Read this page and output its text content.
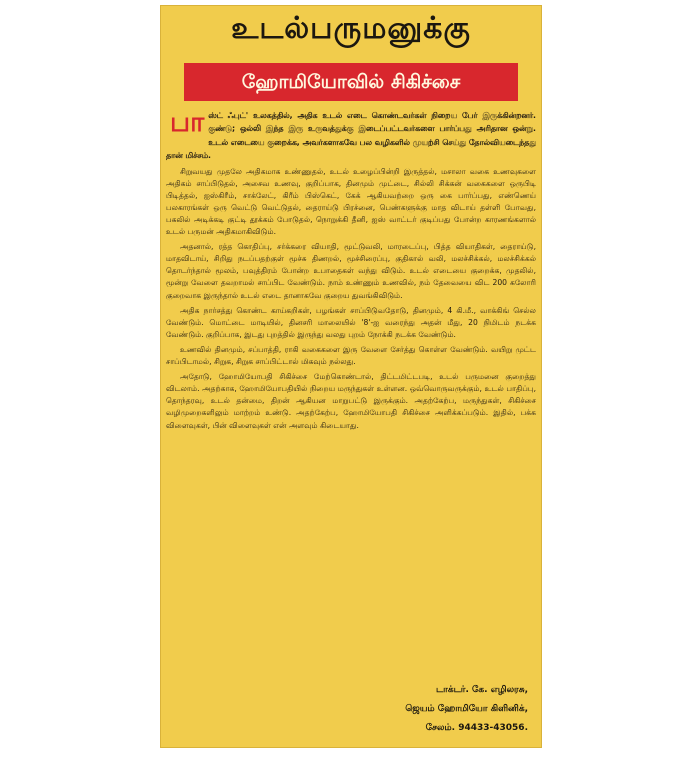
உடல்பருமனுக்கு
ஹோமியோவில் சிகிச்சை

பாஸ்ட் ஃபுட்' உலகத்தில், அதிக உடல் எடை கொண்டவர்கள் நிறைய பேர் இருக்கின்றனர். குண்டு; ஒல்லி இந்த இரு உருவத்துக்கு இடைப்பட்டவர்களை பார்ப்பது அரிதான ஒன்று. உடல் எடையை குறைக்க, அவர்களாகவே பல வழிகளில் முயற்சி செய்து தோல்வியடைந்தது தான் மிச்சம்.

சிறுவயது முதலே அதிகமாக உண்ணுதல், உடல் உழைப்பின்றி இருத்தல், மசாலா வகை உணவுகளை அதிகம் சாப்பிடுதல், அசைவ உணவு, குறிப்பாக, தினமும் முட்டை, சில்லி சிக்கன் வகைகளை ஒருபிடி பிடித்தல், ஐஸ்கிரீம், சாக்லேட், கிரீம் பிஸ்கெட், கேக் ஆகியவற்றை ஒரு கை பார்ப்பது, எண்ணெய் பலகாரங்கள் ஒரு வெட்டு வெட்டுதல், தைராய்டு பிரச்னை, பெண்களுக்கு மாத விடாய் தள்ளி போவது, பகலில் அடிக்கடி குட்டி தூக்கம் போடுதல், நொறுக்கி தீனி, ஐஸ் வாட்டர் குடிப்பது போன்ற காரணங்களால் உடல் பருமன் அதிகமாகிவிடும்.

அதனால், ரத்த கொதிப்பு, சர்க்கரை வியாதி, மூட்டுவலி, மாரடைப்பு, பித்த வியாதிகள், தைராய்டு, மாதவிடாய், சிறிது நடப்பதற்குள் மூச்சு திணறல், மூச்சிரைப்பு, குதிகால் வலி, மலச்சிக்கல், மலச்சிக்கல் தொடர்ந்தால் மூலம், பவுத்திரம் போன்ற உபாதைகள் வந்து விடும். உடல் எடையை குறைக்க, முதலில், மூன்று வேளை தவறாமல் சாப்பிட வேண்டும். நாம் உண்ணும் உணவில், நம் தேவையை விட 200 கலோரி குறைவாக இருந்தால் உடல் எடை தானாகவே குறைய துவங்கிவிடும்.

அதிக நார்சத்து கொண்ட காய்கறிகள், பழங்கள் சாப்பிடுவதோடு, தினமும், 4 கி.மீ., வாக்கிங் செல்ல வேண்டும். மொட்டை மாடியில், தினசரி மாலையில் '8'-ஐ வரைந்து அதன் மீது, 20 நிமிடம் நடக்க வேண்டும். குறிப்பாக, இடது புறத்தில் இருந்து வலது புறம் நோக்கி நடக்க வேண்டும்.

உணவில் தினமும், சப்பாத்தி, ராகி வகைகளை இரு வேளை சேர்த்து கொள்ள வேண்டும். வயிறு முட்ட சாப்பிடாமல், சிறுக, சிறுக சாப்பிட்டால் மிகவும் நல்லது.

அதோடு, ஹோமியோபதி சிகிச்சை மேற்கொண்டால், திட்டமிட்டபடி, உடல் பருமனை குறைத்து விடலாம். அதற்காக, ஹோமியோபதியில் நிறைய மருந்துகள் உள்ளன. ஒவ்வொருவருக்கும், உடல் பாதிப்பு, தொந்தரவு, உடல் தன்மை, திறன் ஆகியன மாறுபட்டு இருக்கும். அதற்கேற்ப, மருந்துகள், சிகிச்சை வழிமுறைகளிலும் மாற்றம் உண்டு. அதற்கேற்ப, ஹோமியோபதி சிகிச்சை அளிக்கப்படும். இதில், பக்க விளைவுகள், பின் விளைவுகள் என் அளவும் கிடையாது.

டாக்டர். கே. எழிலரசு,
ஜெயம் ஹோமியோ கிளினிக்,
சேலம். 94433-43056.
